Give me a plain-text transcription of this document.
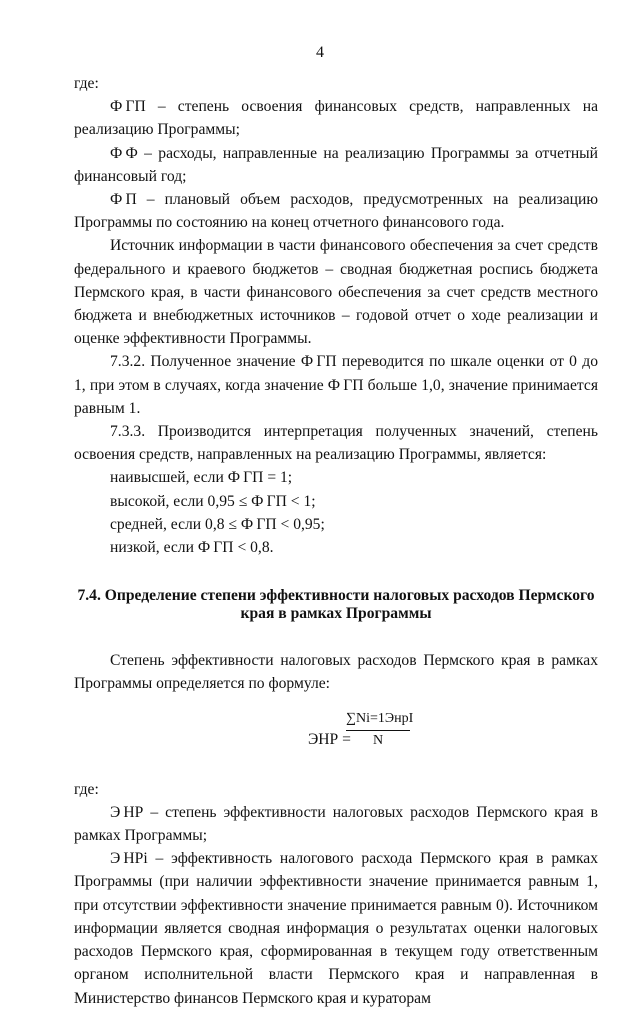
4

где:

Ф ГП – степень освоения финансовых средств, направленных на реализацию Программы;

Ф Ф – расходы, направленные на реализацию Программы за отчетный финансовый год;

Ф П – плановый объем расходов, предусмотренных на реализацию Программы по состоянию на конец отчетного финансового года.

Источник информации в части финансового обеспечения за счет средств федерального и краевого бюджетов – сводная бюджетная роспись бюджета Пермского края, в части финансового обеспечения за счет средств местного бюджета и внебюджетных источников – годовой отчет о ходе реализации и оценке эффективности Программы.

7.3.2. Полученное значение Ф ГП переводится по шкале оценки от 0 до 1, при этом в случаях, когда значение Ф ГП больше 1,0, значение принимается равным 1.

7.3.3. Производится интерпретация полученных значений, степень освоения средств, направленных на реализацию Программы, является:

наивысшей, если Ф ГП = 1;

высокой, если 0,95 ≤ Ф ГП < 1;

средней, если 0,8 ≤ Ф ГП < 0,95;

низкой, если Ф ГП < 0,8.

7.4. Определение степени эффективности налоговых расходов Пермского края в рамках Программы

Степень эффективности налоговых расходов Пермского края в рамках Программы определяется по формуле:

ЭНР =
∑Ni=1ЭнрI
N

где:

Э НР – степень эффективности налоговых расходов Пермского края в рамках Программы;

Э НРi – эффективность налогового расхода Пермского края в рамках Программы (при наличии эффективности значение принимается равным 1, при отсутствии эффективности значение принимается равным 0). Источником информации является сводная информация о результатах оценки налоговых расходов Пермского края, сформированная в текущем году ответственным органом исполнительной власти Пермского края и направленная в Министерство финансов Пермского края и кураторам
